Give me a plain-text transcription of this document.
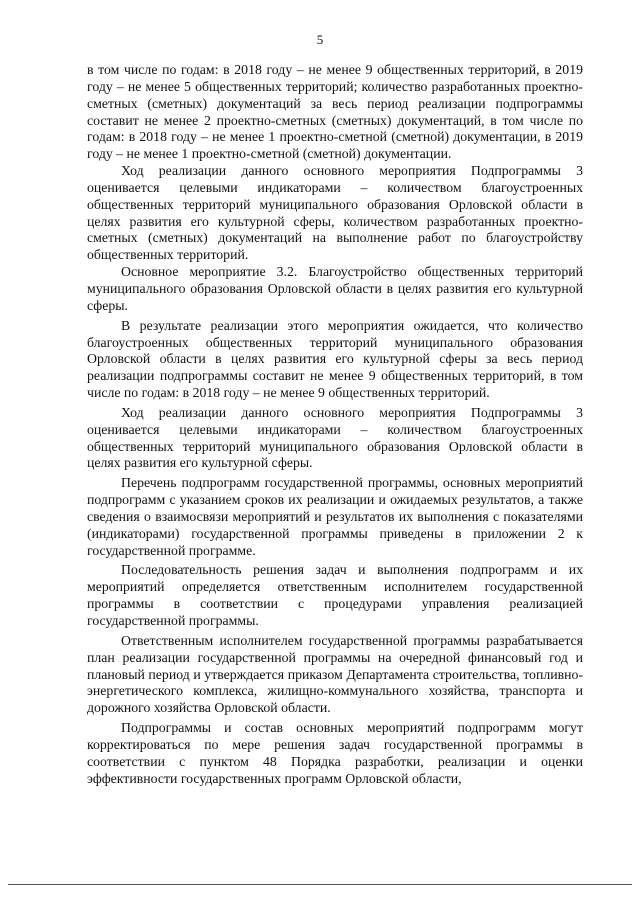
5

в том числе по годам: в 2018 году – не менее 9 общественных территорий, в 2019 году – не менее 5 общественных территорий; количество разработанных проектно-сметных (сметных) документаций за весь период реализации подпрограммы составит не менее 2 проектно-сметных (сметных) документаций, в том числе по годам: в 2018 году – не менее 1 проектно-сметной (сметной) документации, в 2019 году – не менее 1 проектно-сметной (сметной) документации.

Ход реализации данного основного мероприятия Подпрограммы 3 оценивается целевыми индикаторами – количеством благоустроенных общественных территорий муниципального образования Орловской области в целях развития его культурной сферы, количеством разработанных проектно-сметных (сметных) документаций на выполнение работ по благоустройству общественных территорий.

Основное мероприятие 3.2. Благоустройство общественных территорий муниципального образования Орловской области в целях развития его культурной сферы.

В результате реализации этого мероприятия ожидается, что количество благоустроенных общественных территорий муниципального образования Орловской области в целях развития его культурной сферы за весь период реализации подпрограммы составит не менее 9 общественных территорий, в том числе по годам: в 2018 году – не менее 9 общественных территорий.

Ход реализации данного основного мероприятия Подпрограммы 3 оценивается целевыми индикаторами – количеством благоустроенных общественных территорий муниципального образования Орловской области в целях развития его культурной сферы.

Перечень подпрограмм государственной программы, основных мероприятий подпрограмм с указанием сроков их реализации и ожидаемых результатов, а также сведения о взаимосвязи мероприятий и результатов их выполнения с показателями (индикаторами) государственной программы приведены в приложении 2 к государственной программе.

Последовательность решения задач и выполнения подпрограмм и их мероприятий определяется ответственным исполнителем государственной программы в соответствии с процедурами управления реализацией государственной программы.

Ответственным исполнителем государственной программы разрабатывается план реализации государственной программы на очередной финансовый год и плановый период и утверждается приказом Департамента строительства, топливно-энергетического комплекса, жилищно-коммунального хозяйства, транспорта и дорожного хозяйства Орловской области.

Подпрограммы и состав основных мероприятий подпрограмм могут корректироваться по мере решения задач государственной программы в соответствии с пунктом 48 Порядка разработки, реализации и оценки эффективности государственных программ Орловской области,
